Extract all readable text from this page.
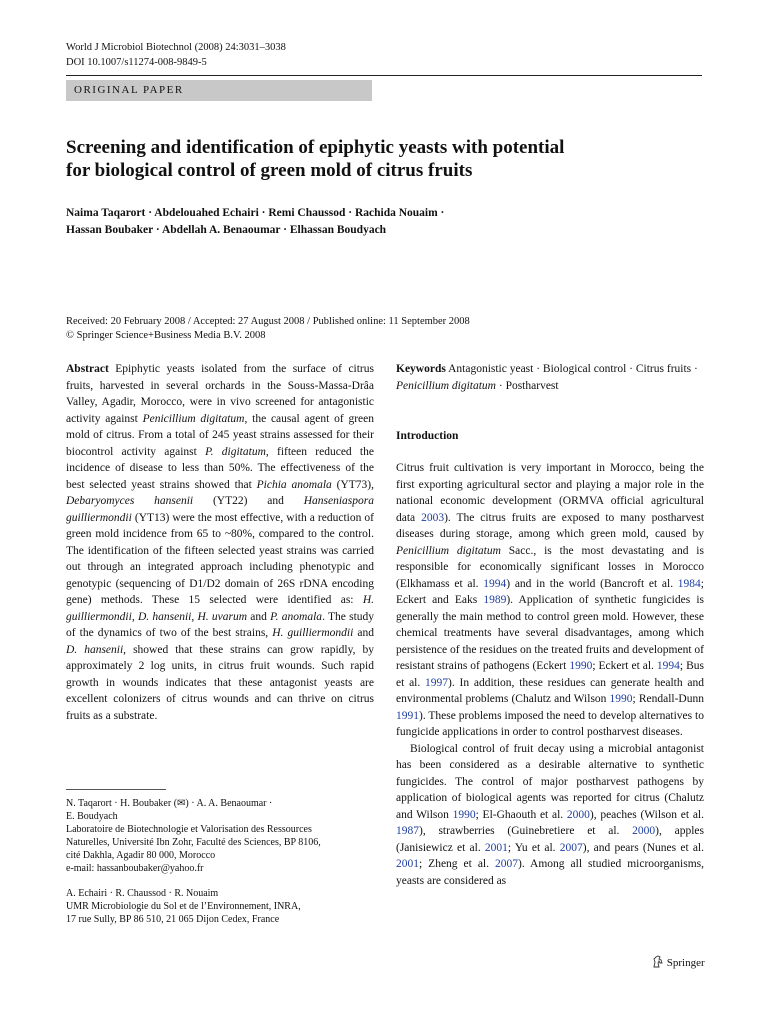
World J Microbiol Biotechnol (2008) 24:3031–3038
DOI 10.1007/s11274-008-9849-5
ORIGINAL PAPER
Screening and identification of epiphytic yeasts with potential
for biological control of green mold of citrus fruits
Naima Taqarort · Abdelouahed Echairi · Remi Chaussod · Rachida Nouaim ·
Hassan Boubaker · Abdellah A. Benaoumar · Elhassan Boudyach
Received: 20 February 2008 / Accepted: 27 August 2008 / Published online: 11 September 2008
© Springer Science+Business Media B.V. 2008

Abstract Epiphytic yeasts isolated from the surface of citrus fruits, harvested in several orchards in the Souss-Massa-Drâa Valley, Agadir, Morocco, were in vivo screened for antagonistic activity against Penicillium digitatum, the causal agent of green mold of citrus. From a total of 245 yeast strains assessed for their biocontrol activity against P. digitatum, fifteen reduced the incidence of disease to less than 50%. The effectiveness of the best selected yeast strains showed that Pichia anomala (YT73), Debaryomyces hansenii (YT22) and Hanseniaspora guilliermondii (YT13) were the most effective, with a reduction of green mold incidence from 65 to ~80%, compared to the control. The identification of the fifteen selected yeast strains was carried out through an integrated approach including phenotypic and genotypic (sequencing of D1/D2 domain of 26S rDNA encoding gene) methods. These 15 selected were identified as: H. guilliermondii, D. hansenii, H. uvarum and P. anomala. The study of the dynamics of two of the best strains, H. guilliermondii and D. hansenii, showed that these strains can grow rapidly, by approximately 2 log units, in citrus fruit wounds. Such rapid growth in wounds indicates that these antagonist yeasts are excellent colonizers of citrus wounds and can thrive on citrus fruits as a substrate.

Keywords Antagonistic yeast · Biological control · Citrus fruits · Penicillium digitatum · Postharvest

Introduction

Citrus fruit cultivation is very important in Morocco, being the first exporting agricultural sector and playing a major role in the national economic development (ORMVA official agricultural data 2003). The citrus fruits are exposed to many postharvest diseases during storage, among which green mold, caused by Penicillium digitatum Sacc., is the most devastating and is responsible for economically significant losses in Morocco (Elkhamass et al. 1994) and in the world (Bancroft et al. 1984; Eckert and Eaks 1989). Application of synthetic fungicides is generally the main method to control green mold. However, these chemical treatments have several disadvantages, among which persistence of the residues on the treated fruits and development of resistant strains of pathogens (Eckert 1990; Eckert et al. 1994; Bus et al. 1997). In addition, these residues can generate health and environmental problems (Chalutz and Wilson 1990; Rendall-Dunn 1991). These problems imposed the need to develop alternatives to fungicide applications in order to control postharvest diseases.

Biological control of fruit decay using a microbial antagonist has been considered as a desirable alternative to synthetic fungicides. The control of major postharvest pathogens by application of biological agents was reported for citrus (Chalutz and Wilson 1990; El-Ghaouth et al. 2000), peaches (Wilson et al. 1987), strawberries (Guinebretiere et al. 2000), apples (Janisiewicz et al. 2001; Yu et al. 2007), and pears (Nunes et al. 2001; Zheng et al. 2007). Among all studied microorganisms, yeasts are considered as

N. Taqarort · H. Boubaker (✉) · A. A. Benaoumar ·
E. Boudyach
Laboratoire de Biotechnologie et Valorisation des Ressources
Naturelles, Université Ibn Zohr, Faculté des Sciences, BP 8106,
cité Dakhla, Agadir 80 000, Morocco
e-mail: hassanboubaker@yahoo.fr
A. Echairi · R. Chaussod · R. Nouaim
UMR Microbiologie du Sol et de l’Environnement, INRA,
17 rue Sully, BP 86 510, 21 065 Dijon Cedex, France
Springer
